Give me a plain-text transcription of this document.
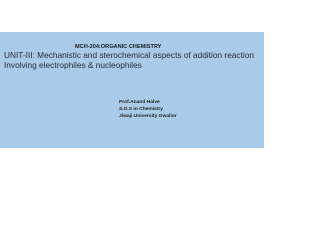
MCH-204:ORGANIC CHEMISTRY
UNIT-III: Mechanistic and sterochemical aspects of addition reaction
Involving electrophiles & nucleophiles
Prof.Anand Halve
S.O.S in Chemistry
Jiwaji University Gwalior
